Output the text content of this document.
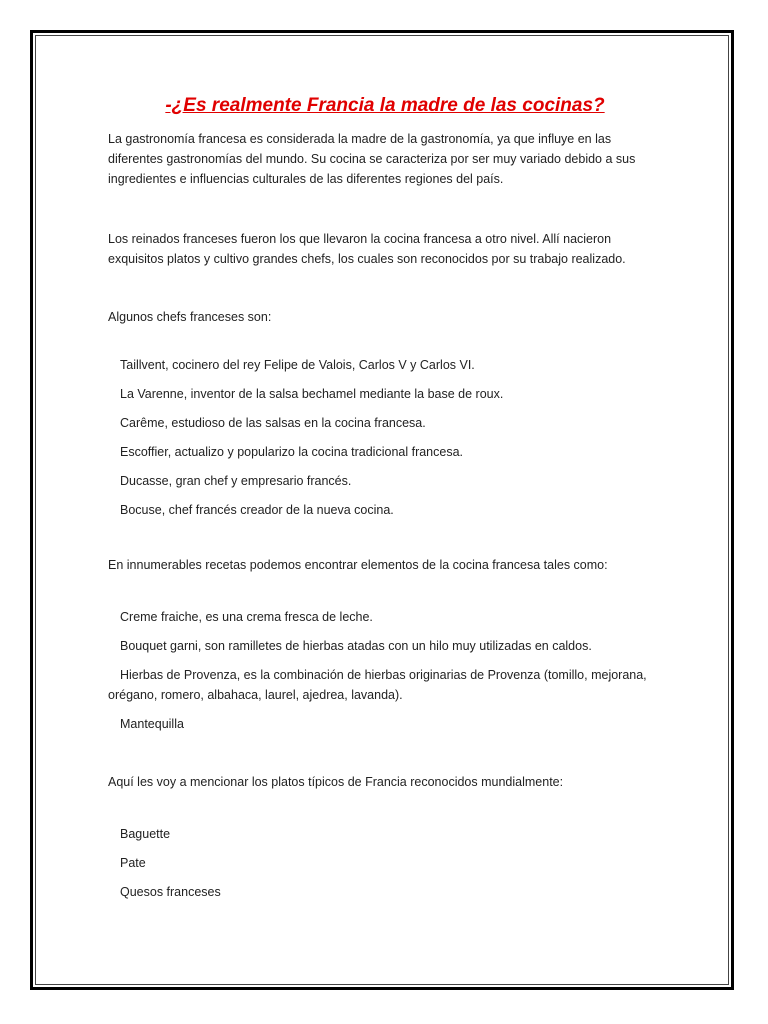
-¿Es realmente Francia la madre de las cocinas?

La gastronomía francesa es considerada la madre de la gastronomía, ya que influye en las diferentes gastronomías del mundo. Su cocina se caracteriza por ser muy variado debido a sus ingredientes e influencias culturales de las diferentes regiones del país.

Los reinados franceses fueron los que llevaron la cocina francesa a otro nivel. Allí nacieron exquisitos platos y cultivo grandes chefs, los cuales son reconocidos por su trabajo realizado.

Algunos chefs franceses son:

Taillvent, cocinero del rey Felipe de Valois, Carlos V y Carlos VI.

La Varenne, inventor de la salsa bechamel mediante la base de roux.

Carême, estudioso de las salsas en la cocina francesa.

Escoffier, actualizo y popularizo la cocina tradicional francesa.

Ducasse, gran chef y empresario francés.

Bocuse, chef francés creador de la nueva cocina.

En innumerables recetas podemos encontrar elementos de la cocina francesa tales como:

Creme fraiche, es una crema fresca de leche.

Bouquet garni, son ramilletes de hierbas atadas con un hilo muy utilizadas en caldos.

Hierbas de Provenza, es la combinación de hierbas originarias de Provenza (tomillo, mejorana, orégano, romero, albahaca, laurel, ajedrea, lavanda).

Mantequilla

Aquí les voy a mencionar los platos típicos de Francia reconocidos mundialmente:

Baguette

Pate

Quesos franceses
